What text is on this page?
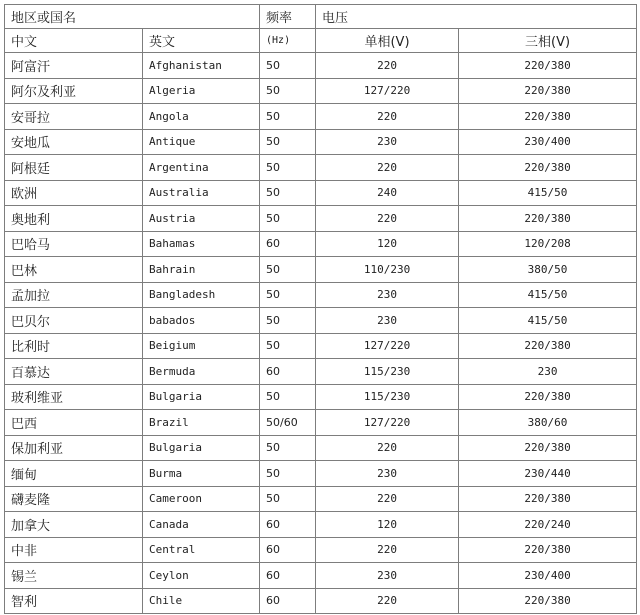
地区或国名		频率	电压	
中文	英文	(Hz)	单相(V)	三相(V)
阿富汗	Afghanistan	50	220	220/380
阿尔及利亚	Algeria	50	127/220	220/380
安哥拉	Angola	50	220	220/380
安地瓜	Antique	50	230	230/400
阿根廷	Argentina	50	220	220/380
欧洲	Australia	50	240	415/50
奥地利	Austria	50	220	220/380
巴哈马	Bahamas	60	120	120/208
巴林	Bahrain	50	110/230	380/50
孟加拉	Bangladesh	50	230	415/50
巴贝尔	babados	50	230	415/50
比利时	Beigium	50	127/220	220/380
百慕达	Bermuda	60	115/230	230
玻利维亚	Bulgaria	50	115/230	220/380
巴西	Brazil	50/60	127/220	380/60
保加利亚	Bulgaria	50	220	220/380
缅甸	Burma	50	230	230/440
礴麦隆	Cameroon	50	220	220/380
加拿大	Canada	60	120	220/240
中非	Central	60	220	220/380
锡兰	Ceylon	60	230	230/400
智利	Chile	60	220	220/380
